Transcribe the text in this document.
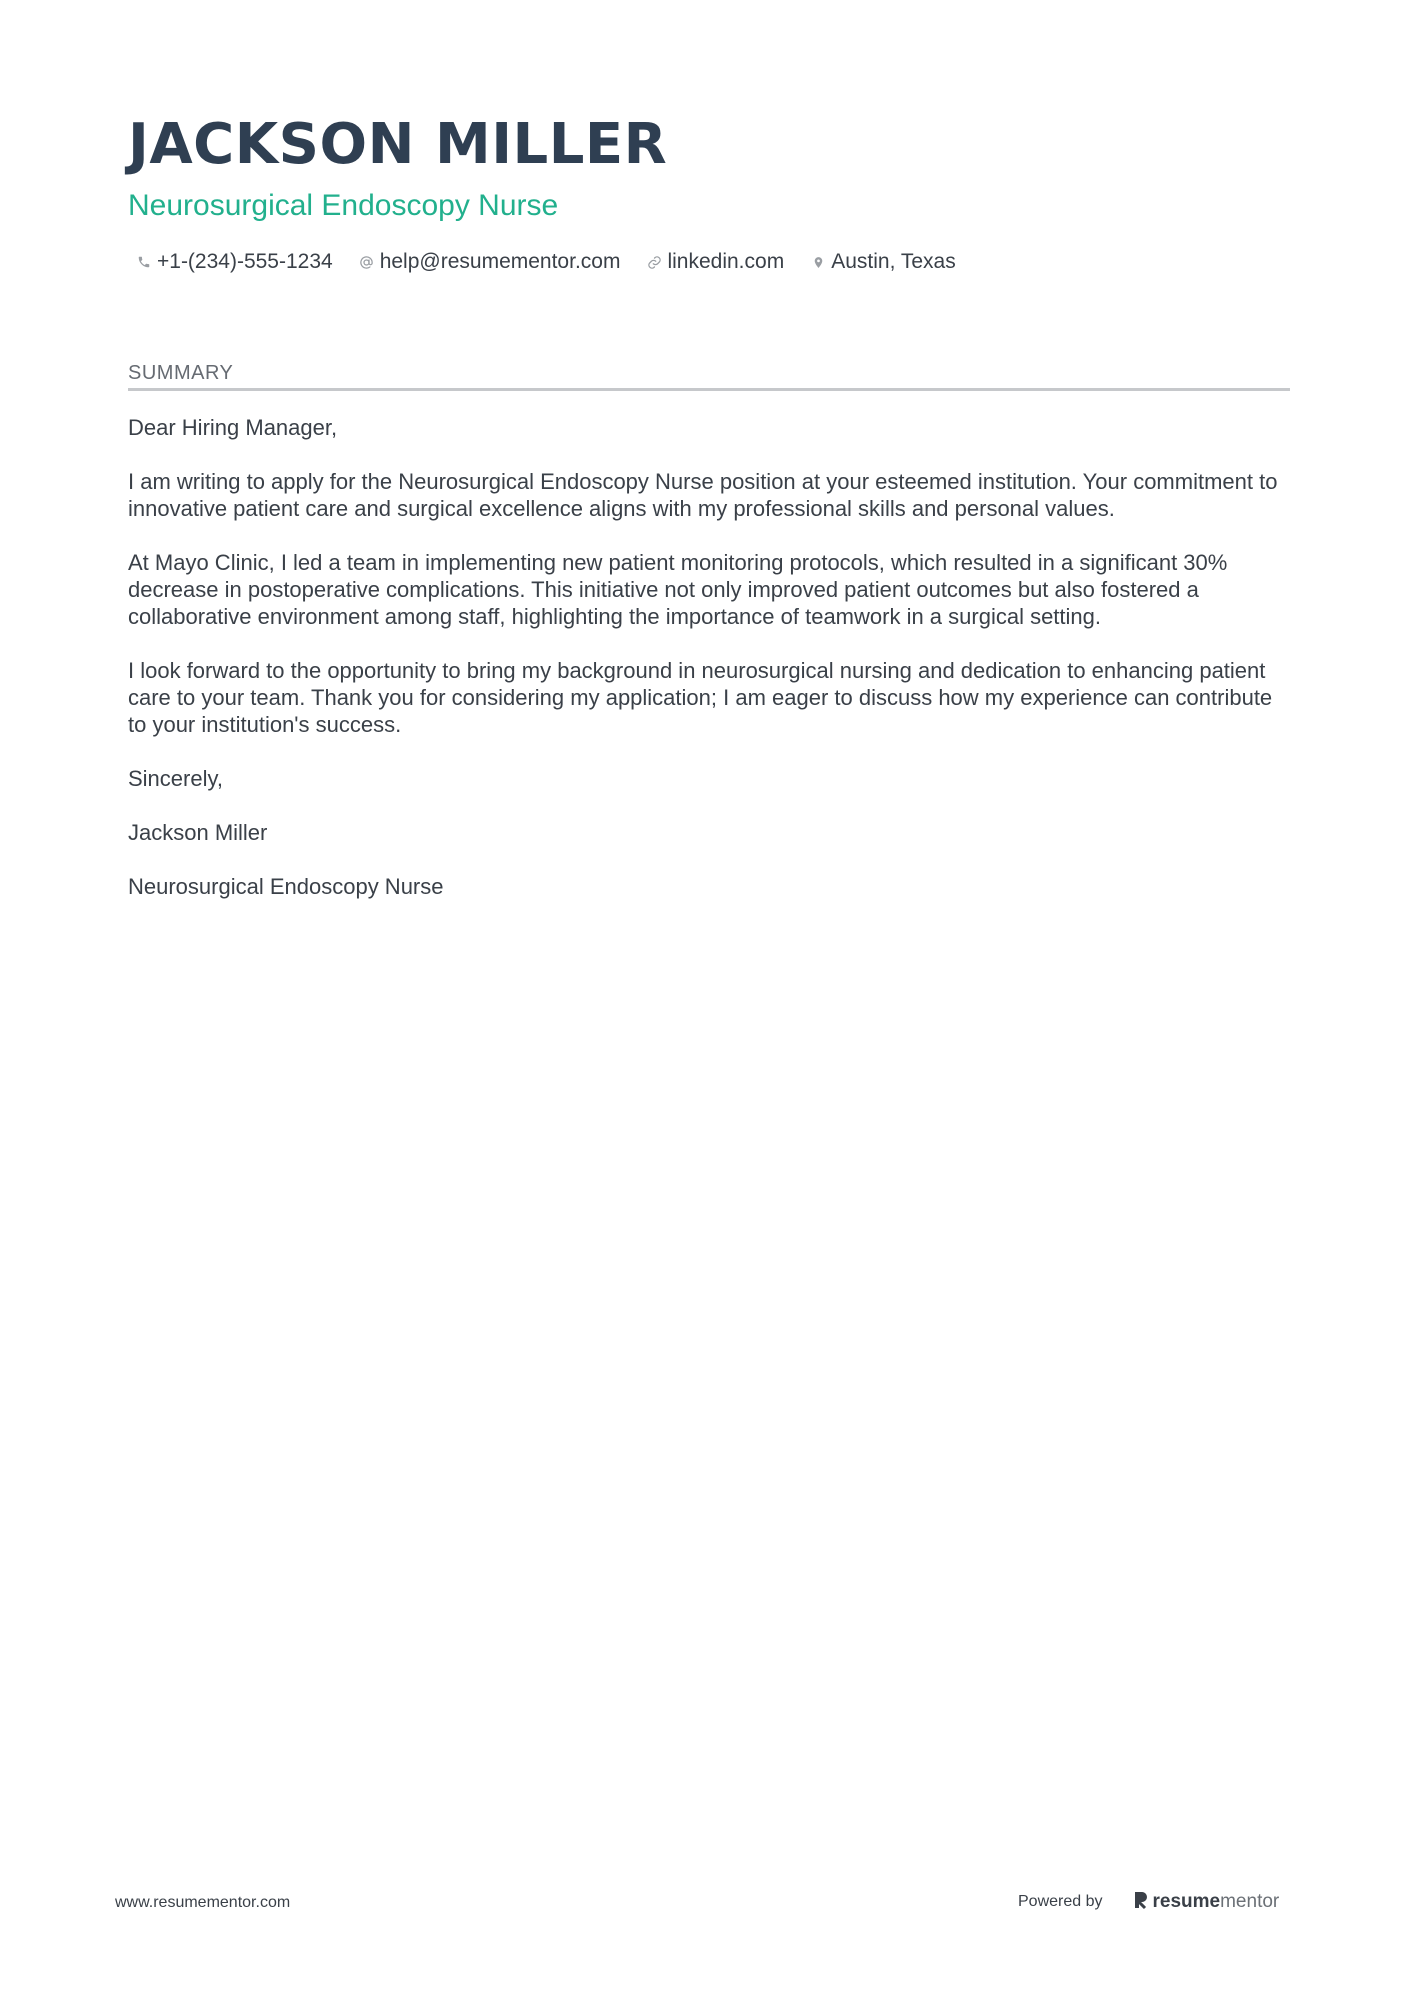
JACKSON MILLER
Neurosurgical Endoscopy Nurse
+1-(234)-555-1234 help@resumementor.com linkedin.com Austin, Texas
SUMMARY

Dear Hiring Manager,

I am writing to apply for the Neurosurgical Endoscopy Nurse position at your esteemed institution. Your commitment to innovative patient care and surgical excellence aligns with my professional skills and personal values.

At Mayo Clinic, I led a team in implementing new patient monitoring protocols, which resulted in a significant 30% decrease in postoperative complications. This initiative not only improved patient outcomes but also fostered a collaborative environment among staff, highlighting the importance of teamwork in a surgical setting.

I look forward to the opportunity to bring my background in neurosurgical nursing and dedication to enhancing patient care to your team. Thank you for considering my application; I am eager to discuss how my experience can contribute to your institution's success.

Sincerely,

Jackson Miller

Neurosurgical Endoscopy Nurse

www.resumementor.com	Powered by	resumementor
